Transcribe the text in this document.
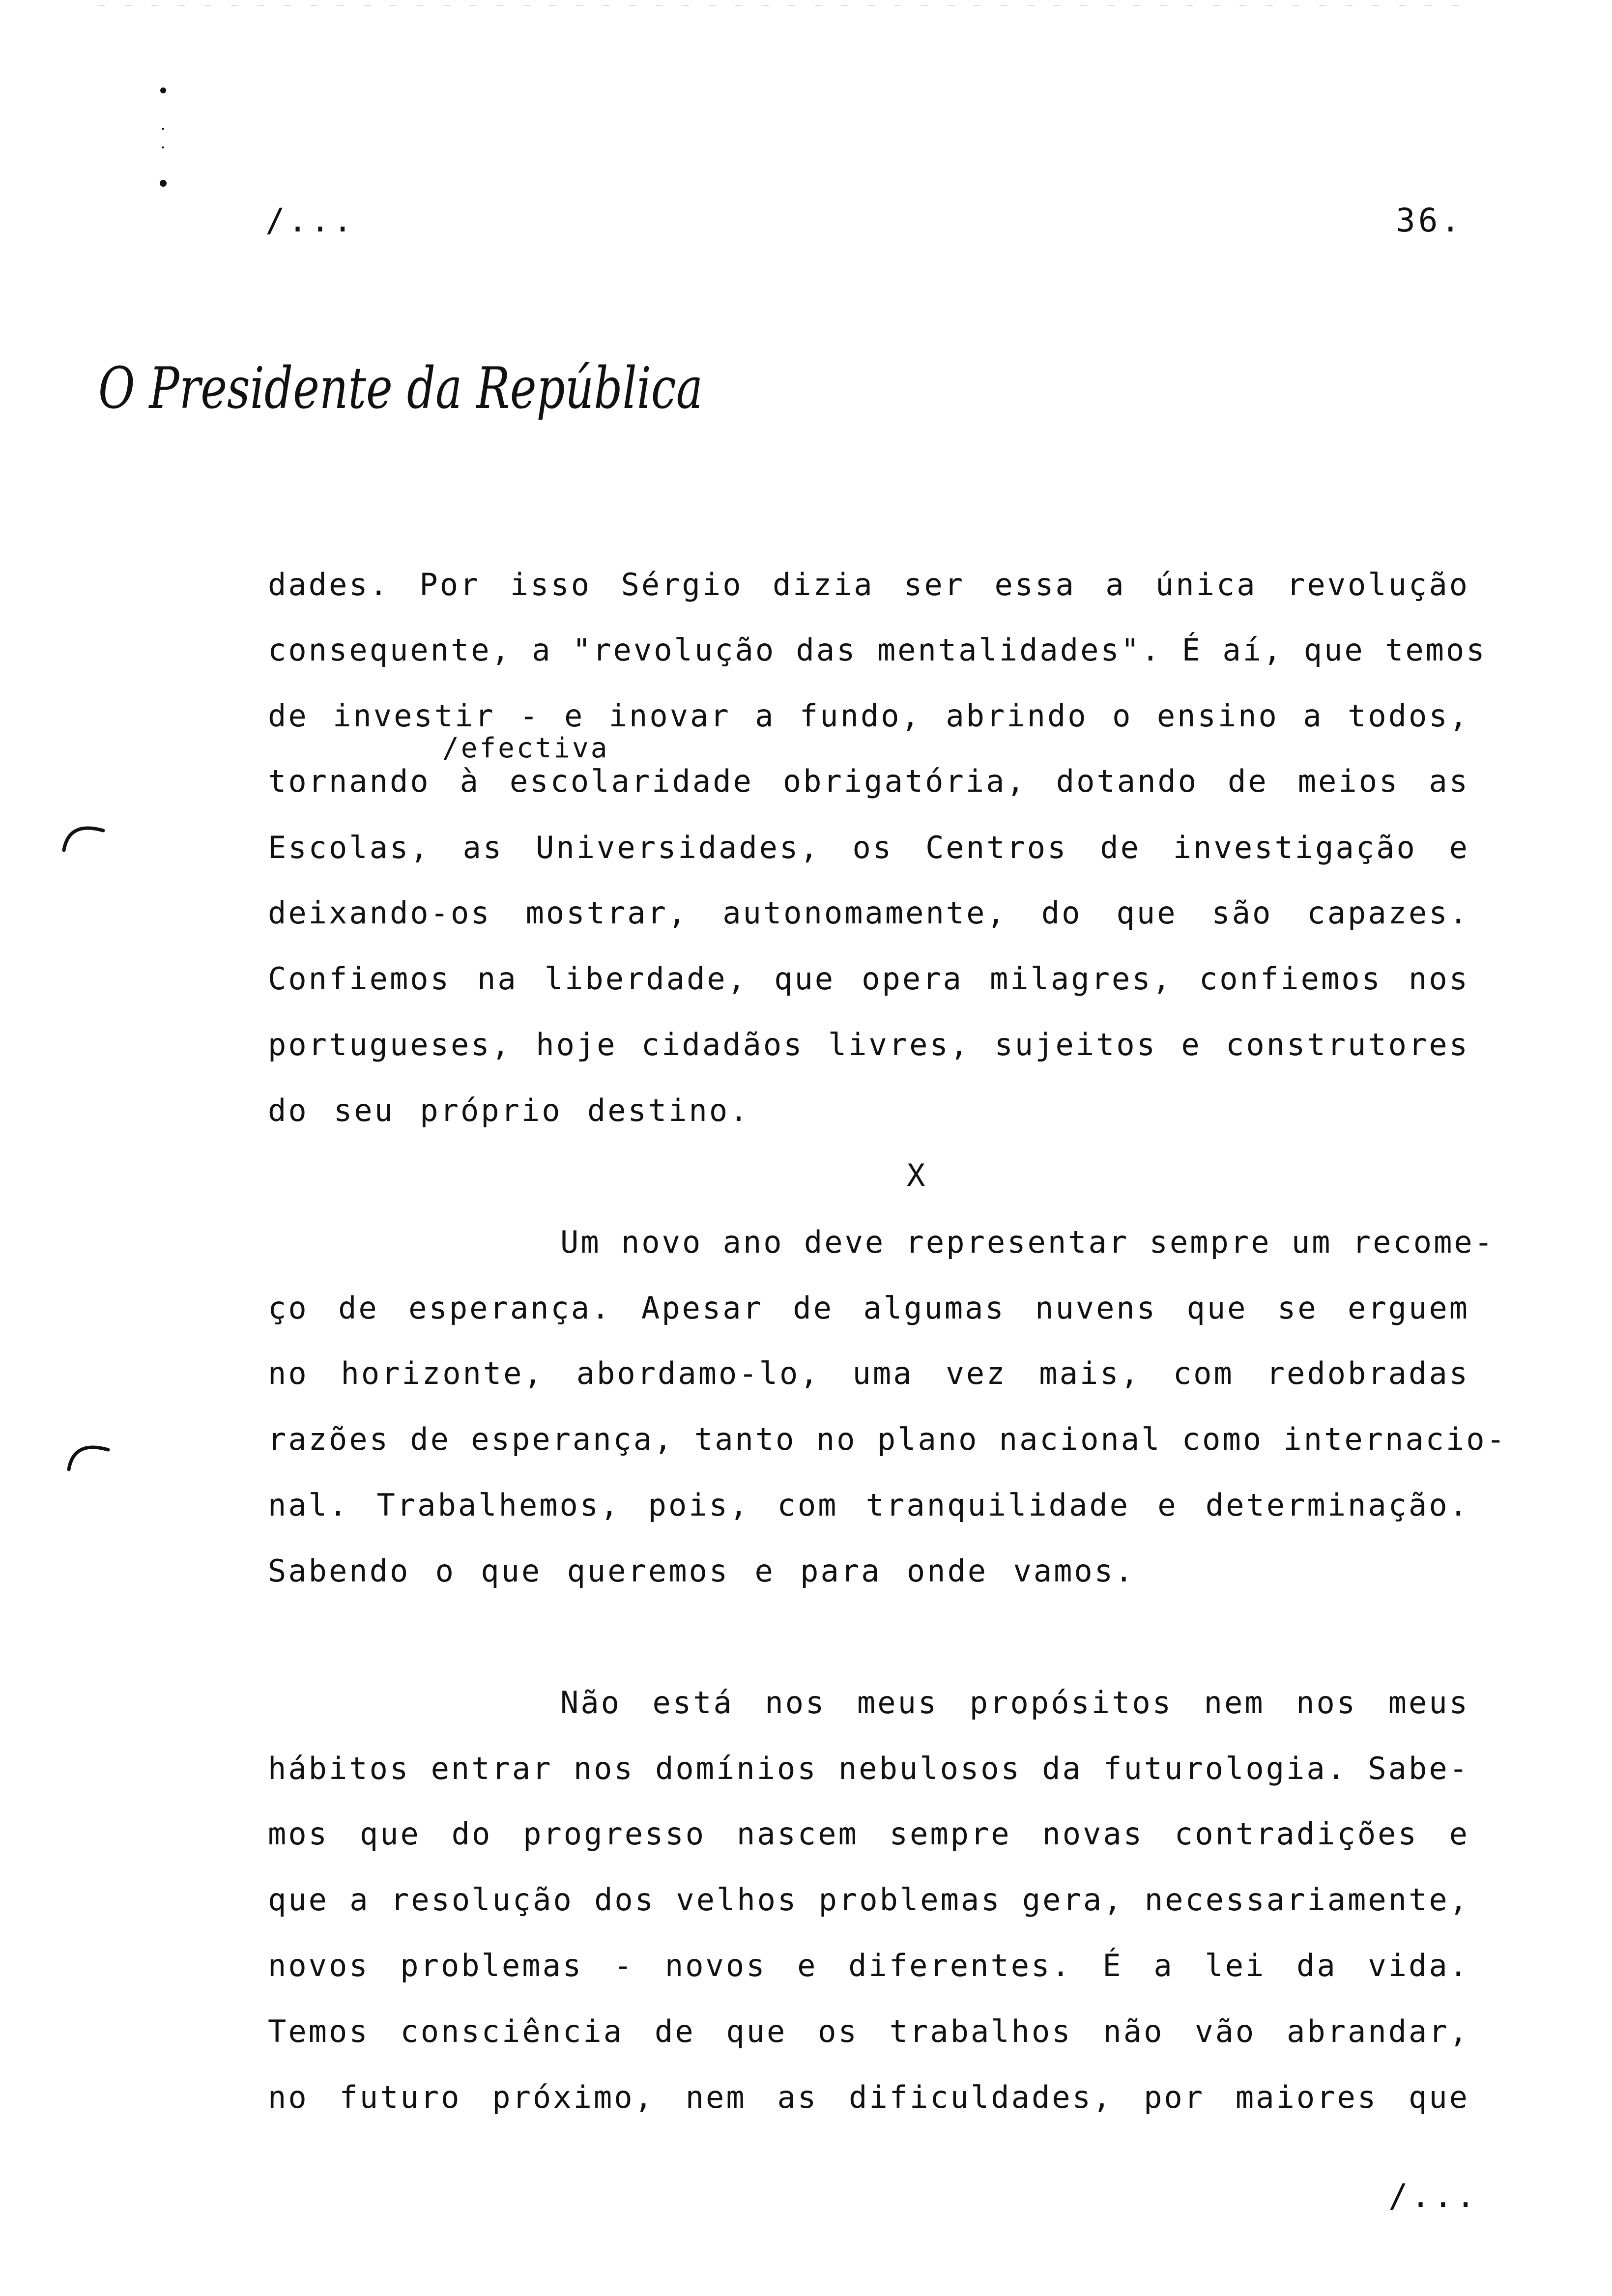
/...	36.
O Presidente da República
dades. Por isso Sérgio dizia ser essa a única revolução
consequente, a "revolução das mentalidades". É aí, que temos
de investir - e inovar a fundo, abrindo o ensino a todos,
/efectiva
tornando à escolaridade obrigatória, dotando de meios as
Escolas, as Universidades, os Centros de investigação e
deixando-os mostrar, autonomamente, do que são capazes.
Confiemos na liberdade, que opera milagres, confiemos nos
portugueses, hoje cidadãos livres, sujeitos e construtores
do seu próprio destino.
X
Um novo ano deve representar sempre um recome-
ço de esperança. Apesar de algumas nuvens que se erguem
no horizonte, abordamo-lo, uma vez mais, com redobradas
razões de esperança, tanto no plano nacional como internacio-
nal. Trabalhemos, pois, com tranquilidade e determinação.
Sabendo o que queremos e para onde vamos.
Não está nos meus propósitos nem nos meus
hábitos entrar nos domínios nebulosos da futurologia. Sabe-
mos que do progresso nascem sempre novas contradições e
que a resolução dos velhos problemas gera, necessariamente,
novos problemas - novos e diferentes. É a lei da vida.
Temos consciência de que os trabalhos não vão abrandar,
no futuro próximo, nem as dificuldades, por maiores que
/...
